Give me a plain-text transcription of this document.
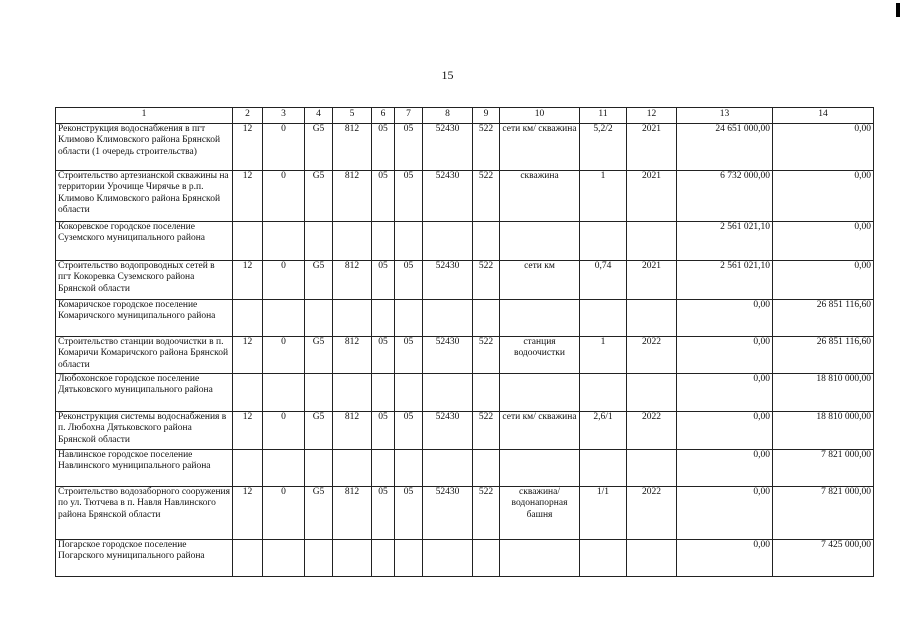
15
1	2	3	4	5	6	7	8	9	10	11	12	13	14
Реконструкция водоснабжения в пгт Климово Климовского района Брянской области (1 очередь строительства)	12	0	G5	812	05	05	52430	522	сети км/ скважина	5,2/2	2021	24 651 000,00	0,00
Строительство артезианской скважины на территории Урочище Чирячье в р.п. Климово Климовского района Брянской области	12	0	G5	812	05	05	52430	522	скважина	1	2021	6 732 000,00	0,00
Кокоревское городское поселение Суземского муниципального района												2 561 021,10	0,00
Строительство водопроводных сетей в пгт Кокоревка Суземского района Брянской области	12	0	G5	812	05	05	52430	522	сети км	0,74	2021	2 561 021,10	0,00
Комаричское городское поселение Комаричского муниципального района												0,00	26 851 116,60
Строительство станции водоочистки в п. Комаричи Комаричского района Брянской области	12	0	G5	812	05	05	52430	522	станция водоочистки	1	2022	0,00	26 851 116,60
Любохонское городское поселение Дятьковского муниципального района												0,00	18 810 000,00
Реконструкция системы водоснабжения в п. Любохна Дятьковского района Брянской области	12	0	G5	812	05	05	52430	522	сети км/ скважина	2,6/1	2022	0,00	18 810 000,00
Навлинское городское поселение Навлинского муниципального района												0,00	7 821 000,00
Строительство водозаборного сооружения по ул. Тютчева в п. Навля Навлинского района Брянской области	12	0	G5	812	05	05	52430	522	скважина/ водонапорная башня	1/1	2022	0,00	7 821 000,00
Погарское городское поселение Погарского муниципального района												0,00	7 425 000,00
